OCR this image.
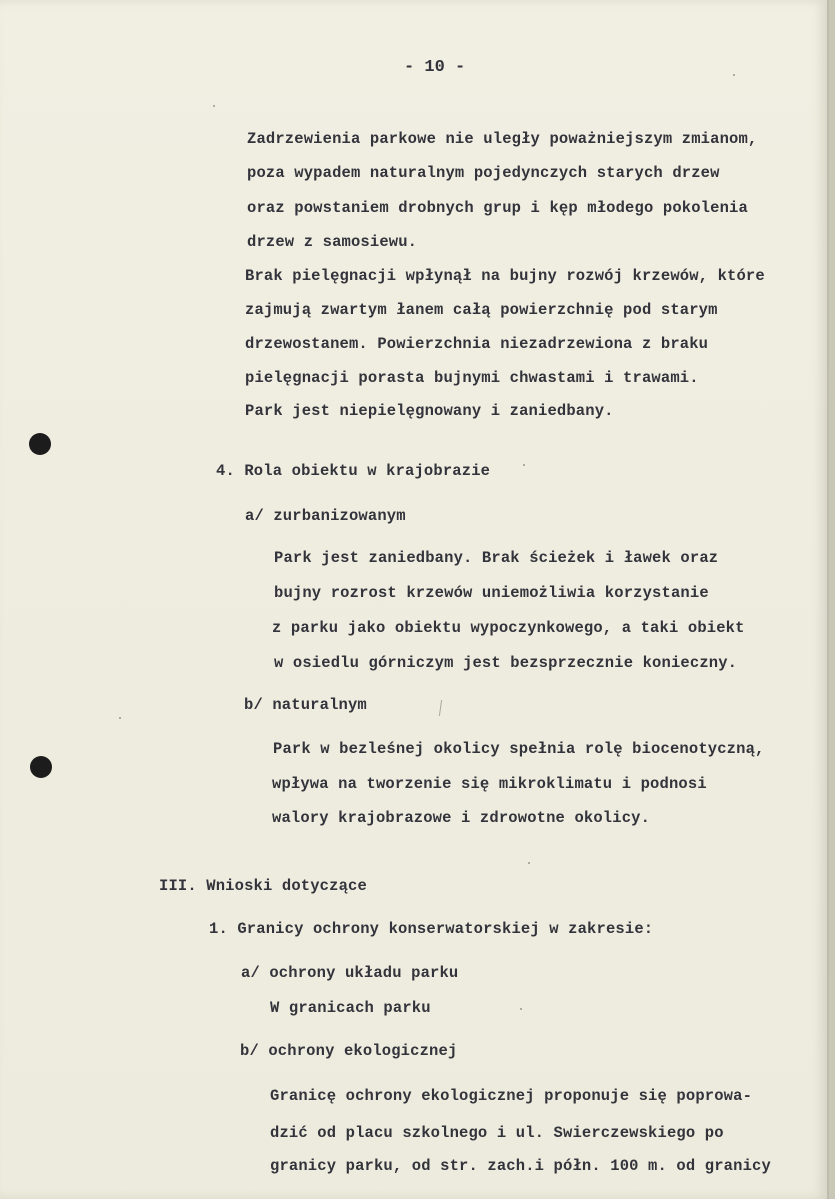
- 10 -

Zadrzewienia parkowe nie uległy poważniejszym zmianom,

poza wypadem naturalnym pojedynczych starych drzew

oraz powstaniem drobnych grup i kęp młodego pokolenia

drzew z samosiewu.

Brak pielęgnacji wpłynął na bujny rozwój krzewów, które

zajmują zwartym łanem całą powierzchnię pod starym

drzewostanem. Powierzchnia niezadrzewiona z braku

pielęgnacji porasta bujnymi chwastami i trawami.

Park jest niepielęgnowany i zaniedbany.

4. Rola obiektu w krajobrazie

a/ zurbanizowanym

Park jest zaniedbany. Brak ścieżek i ławek oraz

bujny rozrost krzewów uniemożliwia korzystanie

z parku jako obiektu wypoczynkowego, a taki obiekt

w osiedlu górniczym jest bezsprzecznie konieczny.

b/ naturalnym

Park w bezleśnej okolicy spełnia rolę biocenotyczną,

wpływa na tworzenie się mikroklimatu i podnosi

walory krajobrazowe i zdrowotne okolicy.

III. Wnioski dotyczące

1. Granicy ochrony konserwatorskiej w zakresie:

a/ ochrony układu parku

W granicach parku

b/ ochrony ekologicznej

Granicę ochrony ekologicznej proponuje się poprowa-

dzić od placu szkolnego i ul. Swierczewskiego po

granicy parku, od str. zach.i półn. 100 m. od granicy
